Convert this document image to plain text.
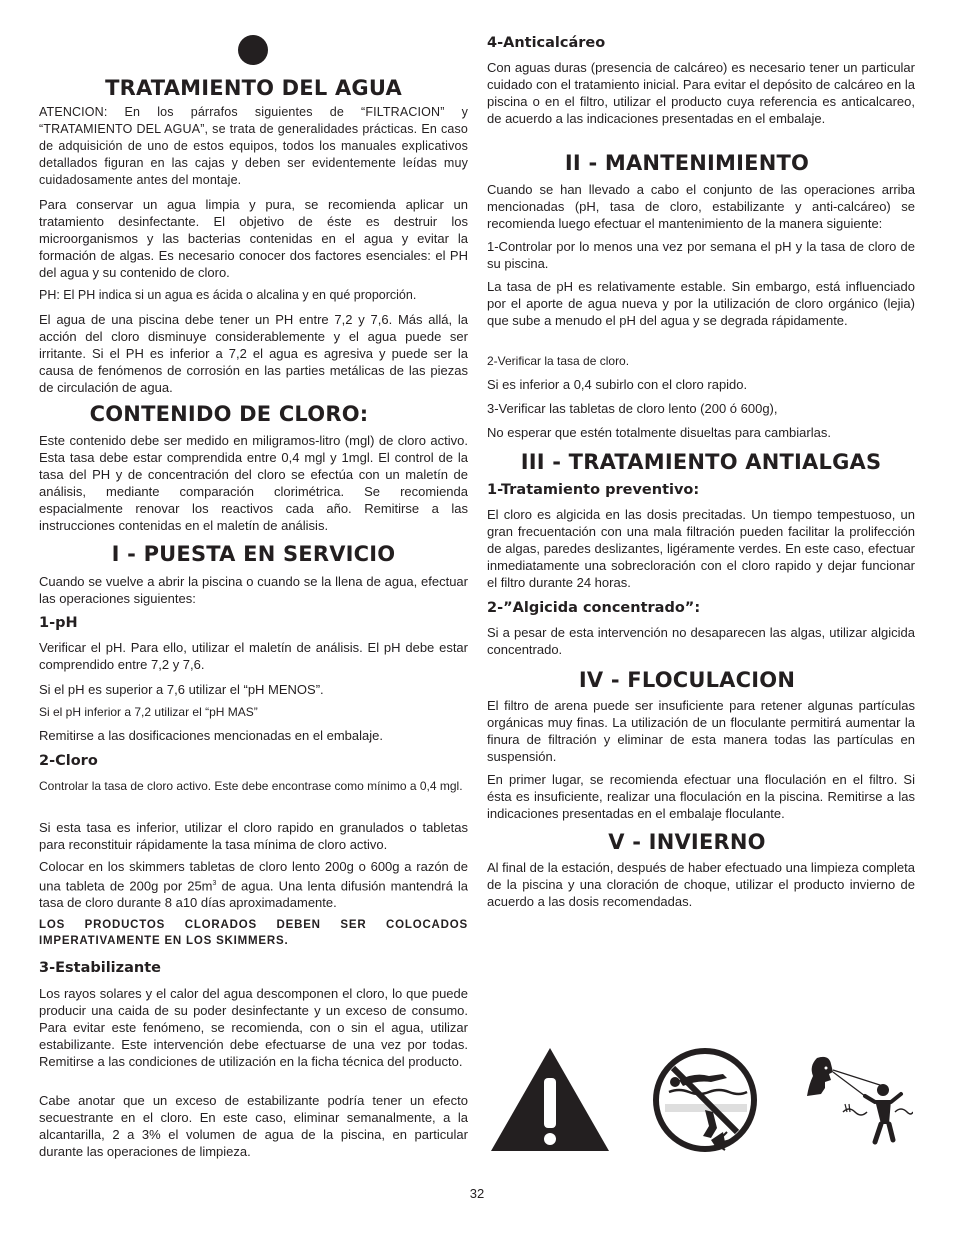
TRATAMIENTO DEL AGUA

ATENCION: En los párrafos siguientes de “FILTRACION” y “TRATAMIENTO DEL AGUA”, se trata de generalidades prácticas. En caso de adquisición de uno de estos equipos, todos los manuales explicativos detallados figuran en las cajas y deben ser evidentemente leídas muy cuidadosamente antes del montaje.

Para conservar un agua limpia y pura, se recomienda aplicar un tratamiento desinfectante. El objetivo de éste es destruir los microorganismos y las bacterias contenidas en el agua y evitar la formación de algas. Es necesario conocer dos factores esenciales: el PH del agua y su contenido de cloro.

PH: El PH indica si un agua es ácida o alcalina y en qué proporción.

El agua de una piscina debe tener un PH entre 7,2 y 7,6. Más allá, la acción del cloro disminuye considerablemente y el agua puede ser irritante. Si el PH es inferior a 7,2 el agua es agresiva y puede ser la causa de fenómenos de corrosión en las parties metálicas de las piezas de circulación de agua.

CONTENIDO DE CLORO:

Este contenido debe ser medido en miligramos-litro (mgl) de cloro activo. Esta tasa debe estar comprendida entre 0,4 mgl y 1mgl. El control de la tasa del PH y de concentración del cloro se efectúa con un maletín de análisis, mediante comparación clorimétrica. Se recomienda espacialmente renovar los reactivos cada año. Remitirse a las instrucciones contenidas en el maletín de análisis.

I - PUESTA EN SERVICIO

Cuando se vuelve a abrir la piscina o cuando se la llena de agua, efectuar las operaciones siguientes:

1-pH

Verificar el pH. Para ello, utilizar el maletín de análisis. El pH debe estar comprendido entre 7,2 y 7,6.

Si el pH es superior a 7,6 utilizar el “pH MENOS”.

Si el pH inferior a 7,2 utilizar el “pH MAS”

Remitirse a las dosificaciones mencionadas en el embalaje.

2-Cloro

Controlar la tasa de cloro activo. Este debe encontrase como mínimo a 0,4 mgl.

Si esta tasa es inferior, utilizar el cloro rapido en granulados o tabletas para reconstituir rápidamente la tasa mínima de cloro activo.

Colocar en los skimmers tabletas de cloro lento 200g o 600g a razón de una tableta de 200g por $25m^3$ de agua. Una lenta difusión mantendrá la tasa de cloro durante 8 a10 días aproximadamente.

LOS PRODUCTOS CLORADOS DEBEN SER COLOCADOS IMPERATIVAMENTE EN LOS SKIMMERS.

3-Estabilizante

Los rayos solares y el calor del agua descomponen el cloro, lo que puede producir una caida de su poder desinfectante y un exceso de consumo. Para evitar este fenómeno, se recomienda, con o sin el agua, utilizar estabilizante. Este intervención debe efectuarse de una vez por todas. Remitirse a las condiciones de utilización en la ficha técnica del producto.

Cabe anotar que un exceso de estabilizante podría tener un efecto secuestrante en el cloro. En este caso, eliminar semanalmente, a la alcantarilla, 2 a 3% el volumen de agua de la piscina, en particular durante las operaciones de limpieza.

4-Anticalcáreo

Con aguas duras (presencia de calcáreo) es necesario tener un particular cuidado con el tratamiento inicial. Para evitar el depósito de calcáreo en la piscina o en el filtro, utilizar el producto cuya referencia es anticalcareo, de acuerdo a las indicaciones presentadas en el embalaje.

II - MANTENIMIENTO

Cuando se han llevado a cabo el conjunto de las operaciones arriba mencionadas (pH, tasa de cloro, estabilizante y anti-calcáreo) se recomienda luego efectuar el mantenimiento de la manera siguiente:

1-Controlar por lo menos una vez por semana el pH y la tasa de cloro de su piscina.

La tasa de pH es relativamente estable. Sin embargo, está influenciado por el aporte de agua nueva y por la utilización de cloro orgánico (lejia) que sube a menudo el pH del agua y se degrada rápidamente.

2-Verificar la tasa de cloro.

Si es inferior a 0,4 subirlo con el cloro rapido.

3-Verificar las tabletas de cloro lento (200 ó 600g),

No esperar que estén totalmente disueltas para cambiarlas.

III - TRATAMIENTO ANTIALGAS
1-Tratamiento preventivo:

El cloro es algicida en las dosis precitadas. Un tiempo tempestuoso, un gran frecuentación con una mala filtración pueden facilitar la prolifección de algas, paredes deslizantes, ligéramente verdes. En este caso, efectuar inmediatamente una sobrecloración con el cloro rapido y dejar funcionar el filtro durante 24 horas.

2-”Algicida concentrado”:

Si a pesar de esta intervención no desaparecen las algas, utilizar algicida concentrado.

IV - FLOCULACION

El filtro de arena puede ser insuficiente para retener algunas partículas orgánicas muy finas. La utilización de un floculante permitirá aumentar la finura de filtración y eliminar de esta manera todas las partículas en suspensión.

En primer lugar, se recomienda efectuar una floculación en el filtro. Si ésta es insuficiente, realizar una floculación en la piscina. Remitirse a las indicaciones presentadas en el embalaje floculante.

V - INVIERNO

Al final de la estación, después de haber efectuado una limpieza completa de la piscina y una cloración de choque, utilizar el producto invierno de acuerdo a las dosis recomendadas.

32
